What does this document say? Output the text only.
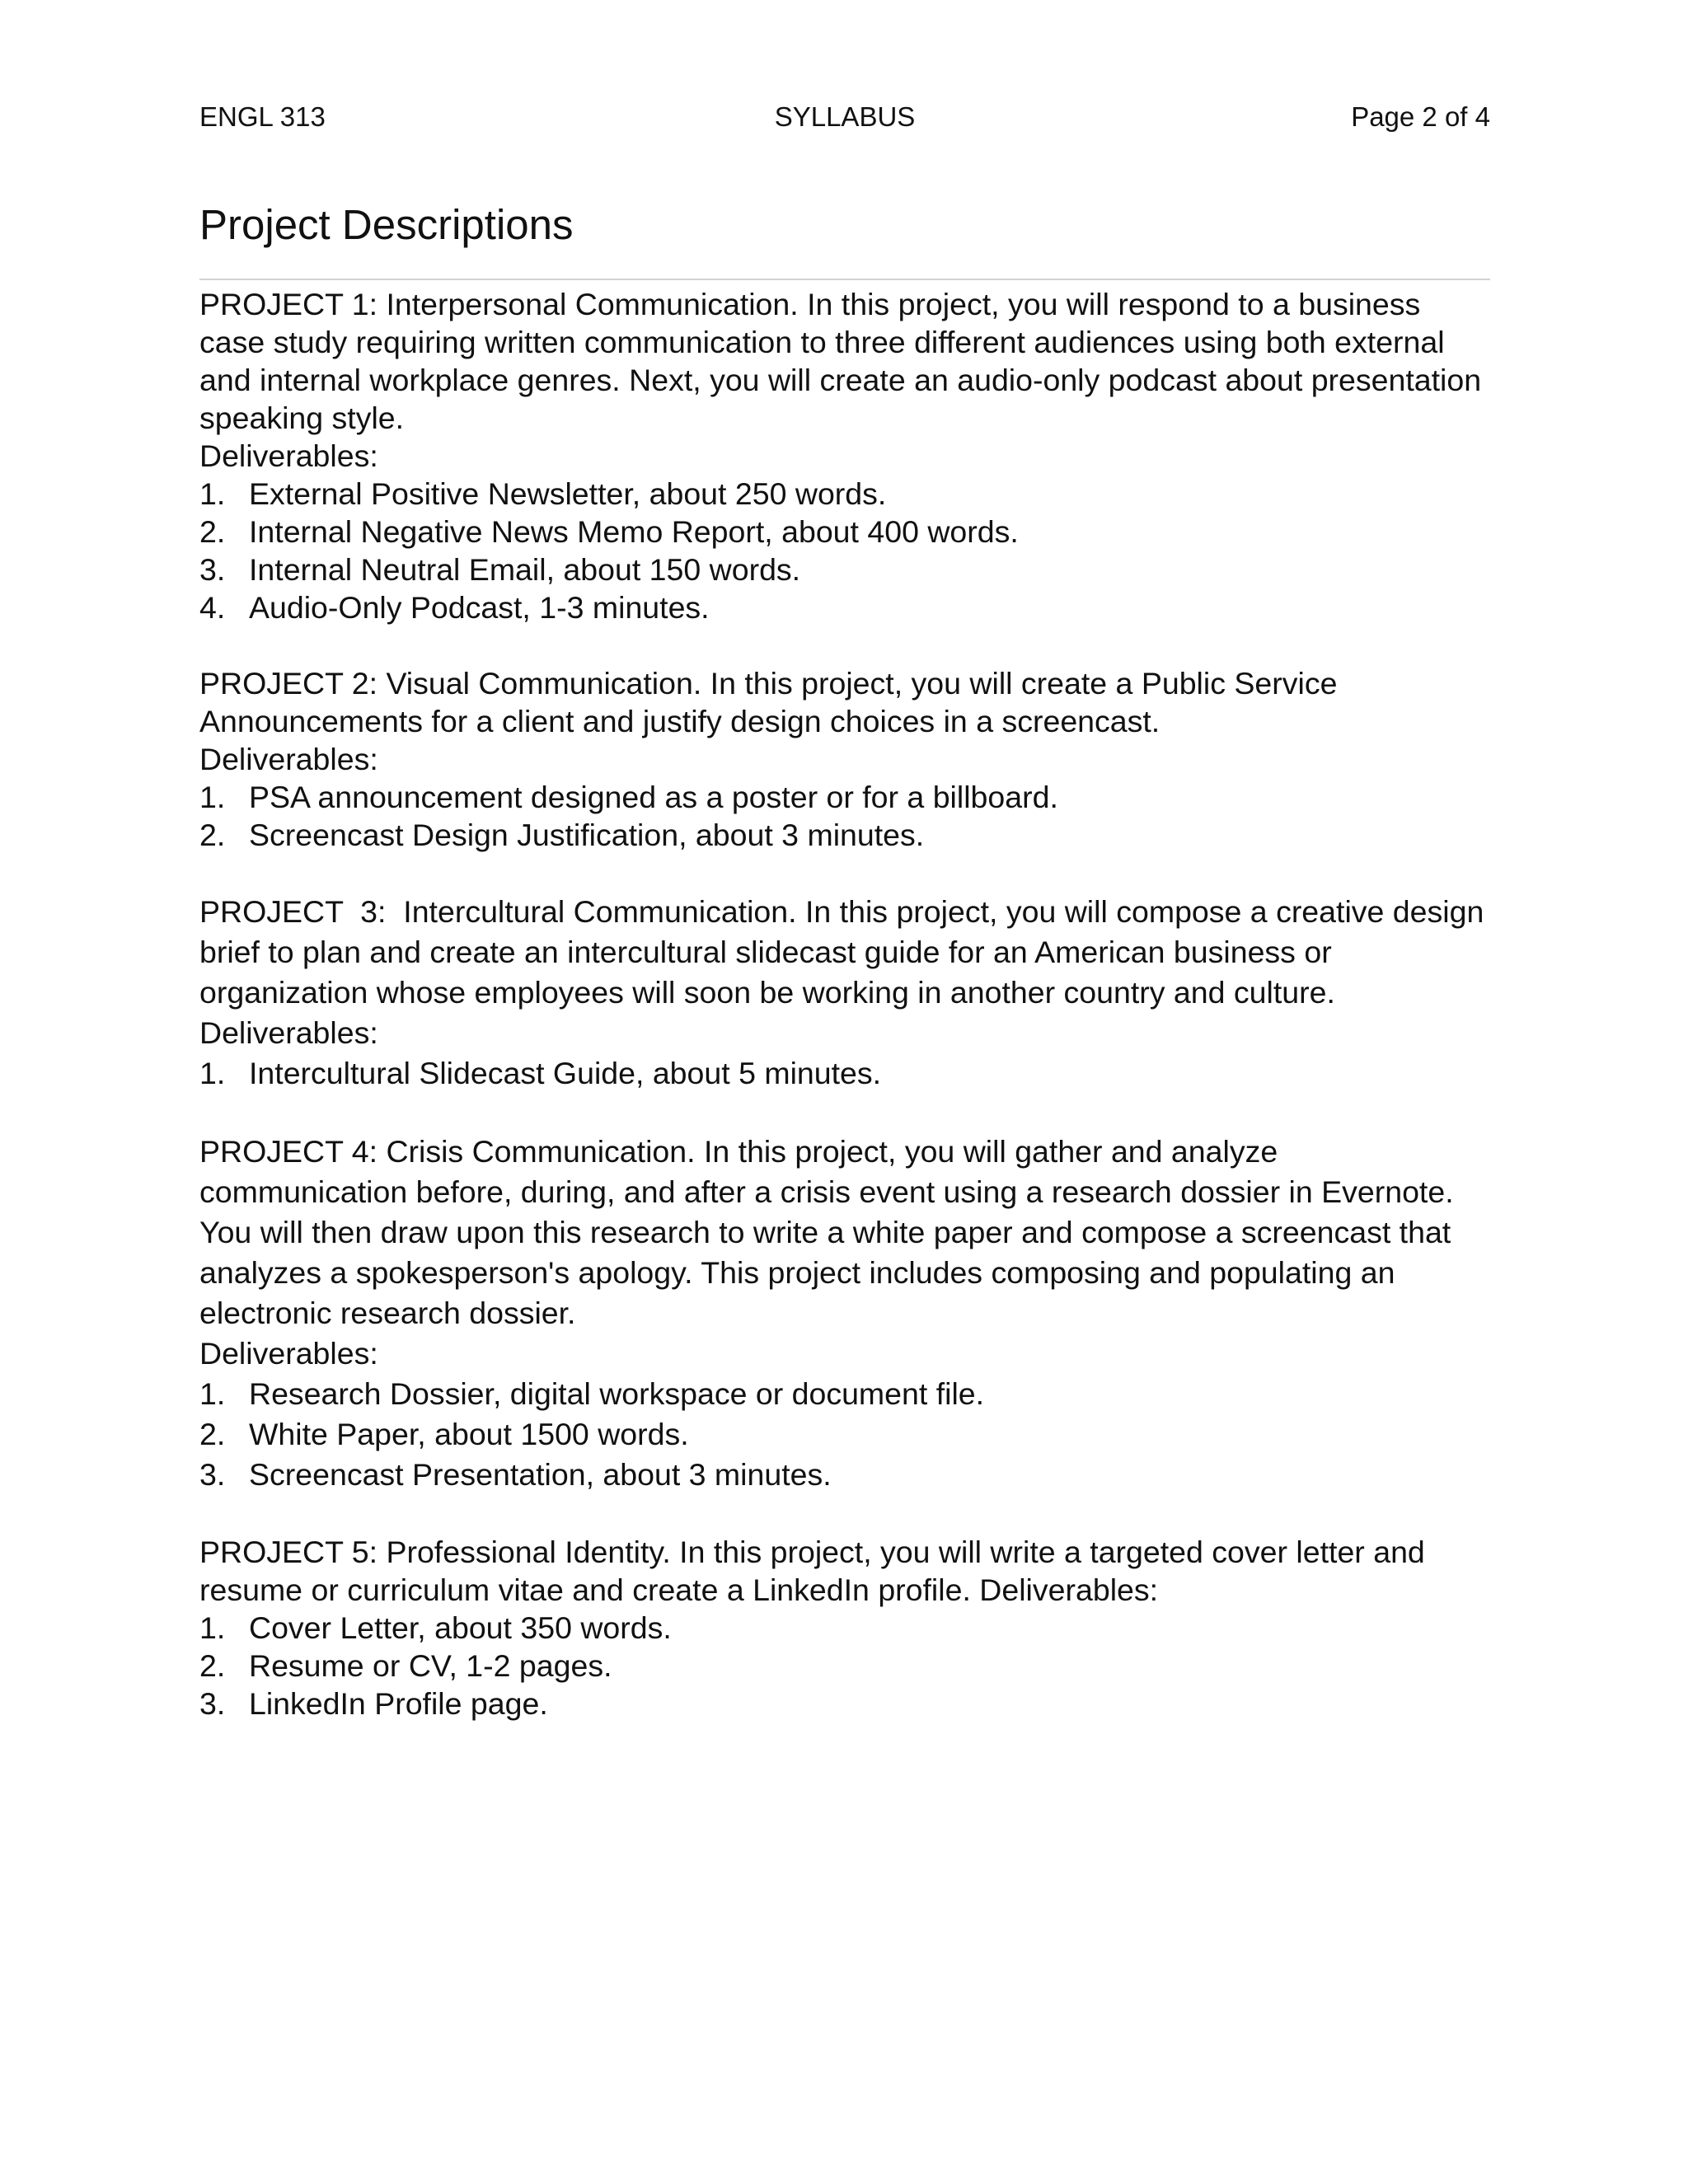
ENGL 313	SYLLABUS	Page 2 of 4
Project Descriptions

PROJECT 1: Interpersonal Communication. In this project, you will respond to a business case study requiring written communication to three different audiences using both external and internal workplace genres. Next, you will create an audio-only podcast about presentation speaking style.

Deliverables:

1. External Positive Newsletter, about 250 words.
2. Internal Negative News Memo Report, about 400 words.
3. Internal Neutral Email, about 150 words.
4. Audio-Only Podcast, 1-3 minutes.

PROJECT 2: Visual Communication. In this project, you will create a Public Service Announcements for a client and justify design choices in a screencast.

Deliverables:

1. PSA announcement designed as a poster or for a billboard.
2. Screencast Design Justification, about 3 minutes.

PROJECT  3:  Intercultural Communication. In this project, you will compose a creative design brief to plan and create an intercultural slidecast guide for an American business or organization whose employees will soon be working in another country and culture.

Deliverables:

1. Intercultural Slidecast Guide, about 5 minutes.

PROJECT 4: Crisis Communication. In this project, you will gather and analyze communication before, during, and after a crisis event using a research dossier in Evernote. You will then draw upon this research to write a white paper and compose a screencast that analyzes a spokesperson's apology. This project includes composing and populating an electronic research dossier.

Deliverables:

1. Research Dossier, digital workspace or document file.
2. White Paper, about 1500 words.
3. Screencast Presentation, about 3 minutes.

PROJECT 5: Professional Identity. In this project, you will write a targeted cover letter and resume or curriculum vitae and create a LinkedIn profile. Deliverables:

1. Cover Letter, about 350 words.
2. Resume or CV, 1-2 pages.
3. LinkedIn Profile page.
